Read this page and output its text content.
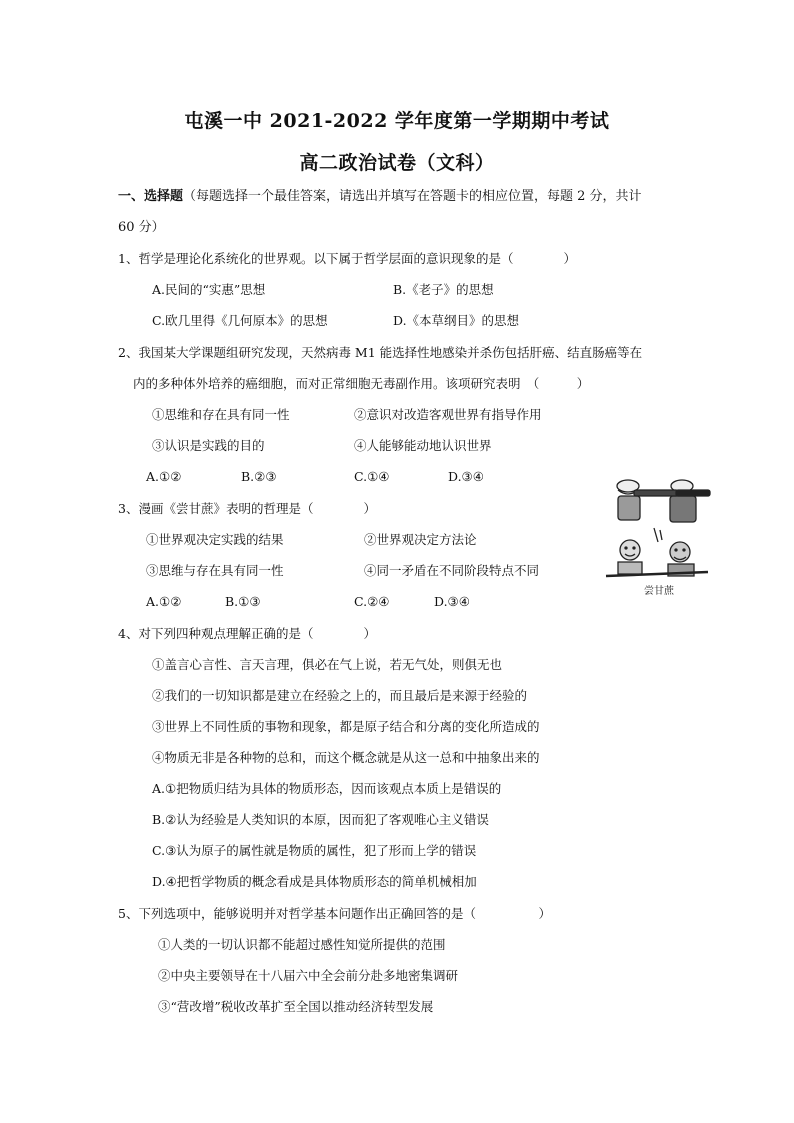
屯溪一中 2021-2022 学年度第一学期期中考试
高二政治试卷（文科）
一、选择题（每题选择一个最佳答案，请选出并填写在答题卡的相应位置，每题 2 分，共计
60 分）
1、哲学是理论化系统化的世界观。以下属于哲学层面的意识现象的是（　　　　）
A.民间的“实惠”思想	B.《老子》的思想
C.欧几里得《几何原本》的思想	D.《本草纲目》的思想
2、我国某大学课题组研究发现，天然病毒 M1 能选择性地感染并杀伤包括肝癌、结直肠癌等在
内的多种体外培养的癌细胞，而对正常细胞无毒副作用。该项研究表明　（　　　）
①思维和存在具有同一性	②意识对改造客观世界有指导作用
③认识是实践的目的	④人能够能动地认识世界
A.①②	B.②③	C.①④	D.③④
3、漫画《尝甘蔗》表明的哲理是（　　　　）
①世界观决定实践的结果	②世界观决定方法论
③思维与存在具有同一性	④同一矛盾在不同阶段特点不同
A.①②	B.①③	C.②④	D.③④
尝甘蔗
4、对下列四种观点理解正确的是（　　　　）
①盖言心言性、言天言理，俱必在气上说，若无气处，则俱无也
②我们的一切知识都是建立在经验之上的，而且最后是来源于经验的
③世界上不同性质的事物和现象，都是原子结合和分离的变化所造成的
④物质无非是各种物的总和，而这个概念就是从这一总和中抽象出来的
A.①把物质归结为具体的物质形态，因而该观点本质上是错误的
B.②认为经验是人类知识的本原，因而犯了客观唯心主义错误
C.③认为原子的属性就是物质的属性，犯了形而上学的错误
D.④把哲学物质的概念看成是具体物质形态的简单机械相加
5、下列选项中，能够说明并对哲学基本问题作出正确回答的是（　　　　　）
①人类的一切认识都不能超过感性知觉所提供的范围
②中央主要领导在十八届六中全会前分赴多地密集调研
③“营改增”税收改革扩至全国以推动经济转型发展
